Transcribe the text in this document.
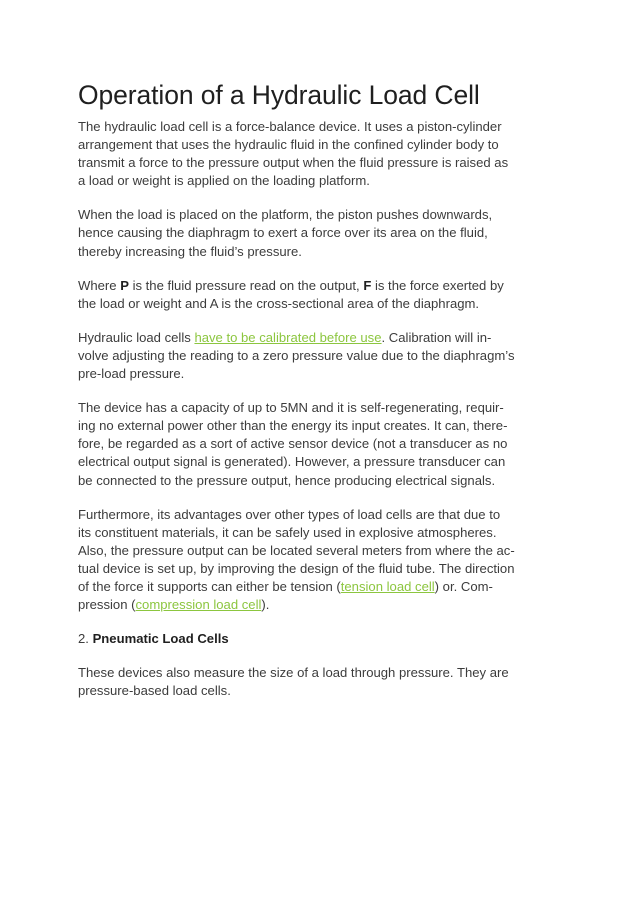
Operation of a Hydraulic Load Cell

The hydraulic load cell is a force-balance device. It uses a piston-cylinder
arrangement that uses the hydraulic fluid in the confined cylinder body to
transmit a force to the pressure output when the fluid pressure is raised as
a load or weight is applied on the loading platform.

When the load is placed on the platform, the piston pushes downwards,
hence causing the diaphragm to exert a force over its area on the fluid,
thereby increasing the fluid’s pressure.

Where P is the fluid pressure read on the output, F is the force exerted by
the load or weight and A is the cross-sectional area of the diaphragm.

Hydraulic load cells have to be calibrated before use. Calibration will in-
volve adjusting the reading to a zero pressure value due to the diaphragm’s
pre-load pressure.

The device has a capacity of up to 5MN and it is self-regenerating, requir-
ing no external power other than the energy its input creates. It can, there-
fore, be regarded as a sort of active sensor device (not a transducer as no
electrical output signal is generated). However, a pressure transducer can
be connected to the pressure output, hence producing electrical signals.

Furthermore, its advantages over other types of load cells are that due to
its constituent materials, it can be safely used in explosive atmospheres.
Also, the pressure output can be located several meters from where the ac-
tual device is set up, by improving the design of the fluid tube. The direction
of the force it supports can either be tension (tension load cell) or. Com-
pression (compression load cell).

2. Pneumatic Load Cells

These devices also measure the size of a load through pressure. They are
pressure-based load cells.
